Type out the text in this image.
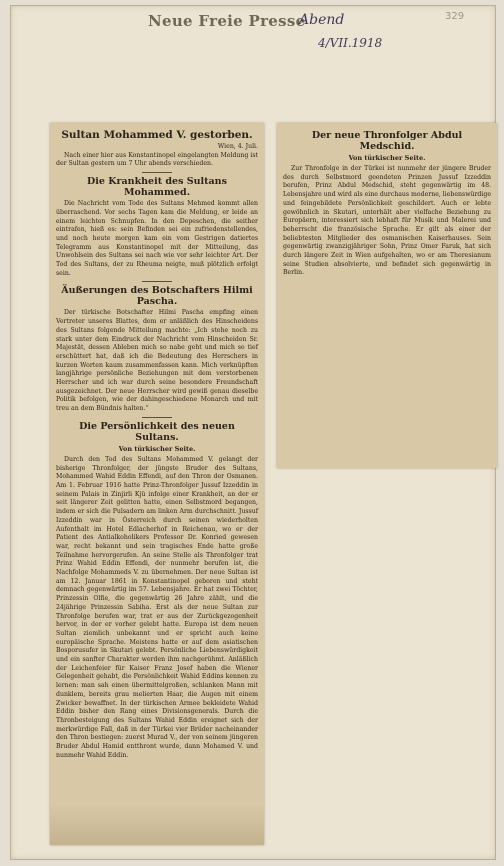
Neue Freie Presse
Abend
4/VII.1918
329
Sultan Mohammed V. gestorben.

Wien, 4. Juli.

Nach einer hier aus Konstantinopel eingelangten Meldung ist der Sultan gestern um 7 Uhr abends verschieden.

Die Krankheit des Sultans Mohammed.

Die Nachricht vom Tode des Sultans Mehmed kommt allen überraschend. Vor sechs Tagen kam die Meldung, er leide an einem leichten Schnupfen. In den Depeschen, die seither eintrafen, hieß es: sein Befinden sei ein zufriedenstellendes, und noch heute morgen kam ein vom Gestrigen datiertes Telegramm aus Konstantinopel mit der Mitteilung, das Unwohlsein des Sultans sei nach wie vor sehr leichter Art. Der Tod des Sultans, der zu Rheuma neigte, muß plötzlich erfolgt sein.

Äußerungen des Botschafters Hilmi Pascha.

Der türkische Botschafter Hilmi Pascha empfing einen Vertreter unseres Blattes, dem er anläßlich des Hinscheidens des Sultans folgende Mitteilung machte: „Ich stehe noch zu stark unter dem Eindruck der Nachricht vom Hinscheiden Sr. Majestät, dessen Ableben mich so nahe geht und mich so tief erschüttert hat, daß ich die Bedeutung des Herrschers in kurzen Worten kaum zusammenfassen kann. Mich verknüpften langjährige persönliche Beziehungen mit dem verstorbenen Herrscher und ich war durch seine besondere Freundschaft ausgezeichnet. Der neue Herrscher wird gewiß genau dieselbe Politik befolgen, wie der dahingeschiedene Monarch und mit treu an dem Bündnis halten.“

Die Persönlichkeit des neuen Sultans.
Von türkischer Seite.

Durch den Tod des Sultans Mohammed V. gelangt der bisherige Thronfolger, der jüngste Bruder des Sultans, Mohammed Wahid Eddin Effendi, auf den Thron der Osmanen. Am 1. Februar 1916 hatte Prinz-Thronfolger Jussuf Izzeddin in seinem Palais in Zinjirli Kjü infolge einer Krankheit, an der er seit längerer Zeit gelitten hatte, einen Selbstmord begangen, indem er sich die Pulsadern am linken Arm durchschnitt. Jussuf Izzeddin war in Österreich durch seinen wiederholten Aufenthalt im Hotel Edlacherhof in Reichenau, wo er der Patient des Antialkoholikers Professor Dr. Konried gewesen war, recht bekannt und sein tragisches Ende hatte große Teilnahme hervorgerufen. An seine Stelle als Thronfolger trat Prinz Wahid Eddin Effendi, der nunmehr berufen ist, die Nachfolge Mohammeds V. zu übernehmen. Der neue Sultan ist am 12. Januar 1861 in Konstantinopel geboren und steht demnach gegenwärtig im 57. Lebensjahre. Er hat zwei Töchter, Prinzessin Olfie, die gegenwärtig 26 Jahre zählt, und die 24jährige Prinzessin Sabiha. Erst als der neue Sultan zur Thronfolge berufen war, trat er aus der Zurückgezogenheit hervor, in der er vorher gelebt hatte. Europa ist dem neuen Sultan ziemlich unbekannt und er spricht auch keine europäische Sprache. Meistens hatte er auf dem asiatischen Bosporusufer in Skutari gelebt. Persönliche Liebenswürdigkeit und ein sanfter Charakter werden ihm nachgerühmt. Anläßlich der Leichenfeier für Kaiser Franz Josef haben die Wiener Gelegenheit gehabt, die Persönlichkeit Wahid Eddins kennen zu lernen: man sah einen übermittelgroßen, schlanken Mann mit dunklem, bereits grau melierten Haar, die Augen mit einem Zwicker bewaffnet. In der türkischen Armee bekleidete Wahid Eddin bisher den Rang eines Divisionsgenerals. Durch die Thronbesteigung des Sultans Wahid Eddin ereignet sich der merkwürdige Fall, daß in der Türkei vier Brüder nacheinander den Thron bestiegen: zuerst Murad V., der von seinem jüngeren Bruder Abdul Hamid entthront wurde, dann Mohamed V. und nunmehr Wahid Eddin.

Der neue Thronfolger Abdul Medschid.
Von türkischer Seite.

Zur Thronfolge in der Türkei ist nunmehr der jüngere Bruder des durch Selbstmord geendeten Prinzen Jussuf Izzeddin berufen, Prinz Abdul Medschid, steht gegenwärtig im 48. Lebensjahre und wird als eine durchaus moderne, liebenswürdige und feingebildete Persönlichkeit geschildert. Auch er lebte gewöhnlich in Skutari, unterhält aber vielfache Beziehung zu Europäern, interessiert sich lebhaft für Musik und Malerei und beherrscht die französische Sprache. Er gilt als einer der beliebtesten Mitglieder des osmanischen Kaiserhauses. Sein gegenwärtig zwanzigjähriger Sohn, Prinz Omer Faruk, hat sich durch längere Zeit in Wien aufgehalten, wo er am Theresianum seine Studien absolvierte, und befindet sich gegenwärtig in Berlin.
